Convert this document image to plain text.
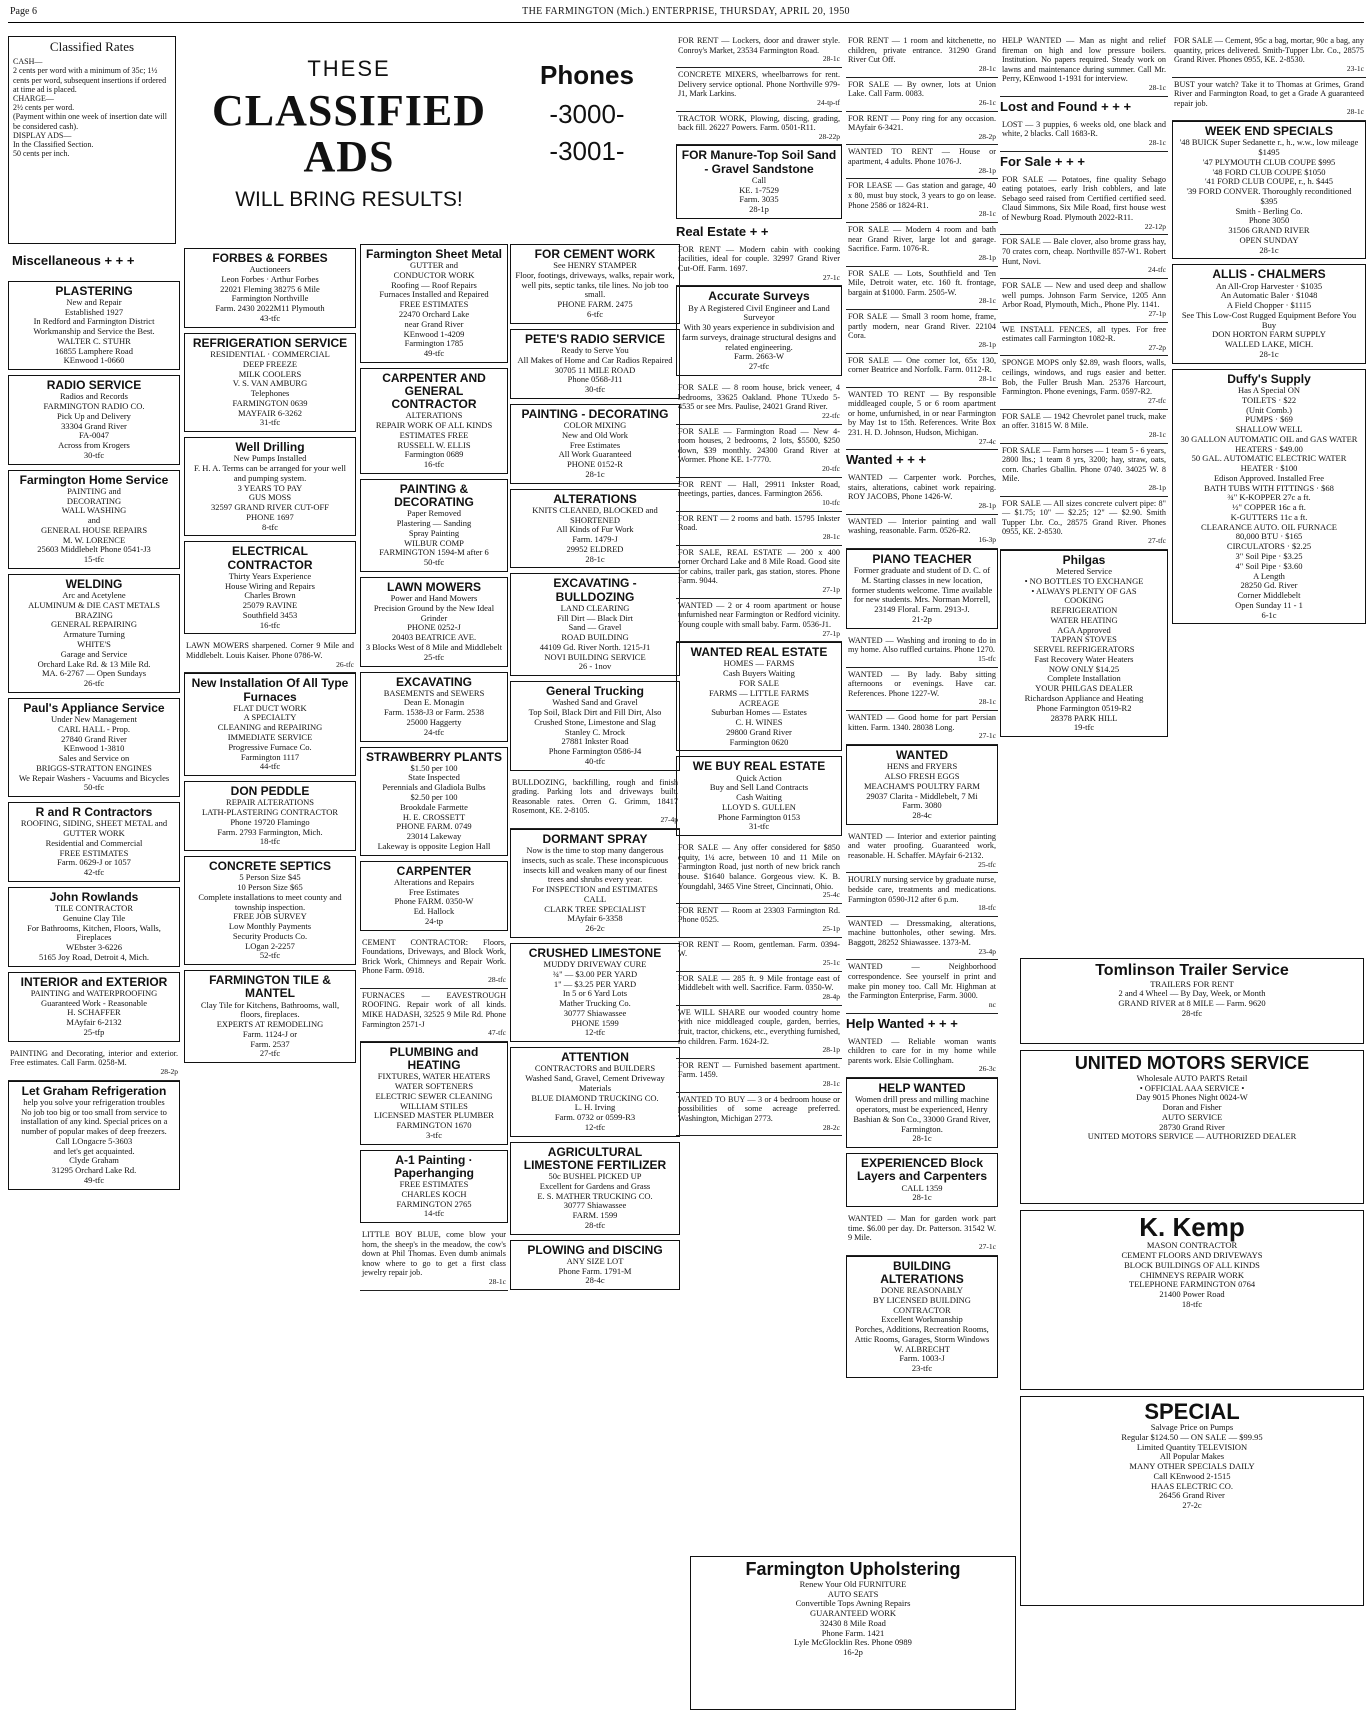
Page 6	THE FARMINGTON (Mich.) ENTERPRISE, THURSDAY, APRIL 20, 1950
Classified Rates
CASH—
2 cents per word with a minimum of 35c; 1½ cents per word, subsequent insertions if ordered at time ad is placed.
CHARGE—
2½ cents per word.
(Payment within one week of insertion date will be considered cash).
DISPLAY ADS—
In the Classified Section.
50 cents per inch.
THESE
CLASSIFIED ADS
WILL BRING RESULTS!
Phones
-3000-
-3001-
Miscellaneous + + +
PLASTERING
New and Repair
Established 1927
In Redford and Farmington District
Workmanship and Service the Best.
WALTER C. STUHR
16855 Lamphere Road
KEnwood 1-0660
RADIO SERVICE
Radios and Records
FARMINGTON RADIO CO.
Pick Up and Delivery
33304 Grand River
FA-0047
Across from Krogers
30-tfc
Farmington Home Service
PAINTING and
DECORATING
WALL WASHING
and
GENERAL HOUSE REPAIRS
M. W. LORENCE
25603 Middlebelt Phone 0541-J3
15-tfc
WELDING
Arc and Acetylene
ALUMINUM & DIE CAST METALS
BRAZING
GENERAL REPAIRING
Armature Turning
WHITE'S
Garage and Service
Orchard Lake Rd. & 13 Mile Rd.
MA. 6-2767 — Open Sundays
26-tfc
Paul's Appliance Service
Under New Management
CARL HALL - Prop.
27840 Grand River
KEnwood 1-3810
Sales and Service on
BRIGGS-STRATTON ENGINES
We Repair Washers - Vacuums and Bicycles
50-tfc
R and R Contractors
ROOFING, SIDING, SHEET METAL and GUTTER WORK
Residential and Commercial
FREE ESTIMATES
Farm. 0629-J or 1057
42-tfc
John Rowlands
TILE CONTRACTOR
Genuine Clay Tile
For Bathrooms, Kitchen, Floors, Walls, Fireplaces
WEbster 3-6226
5165 Joy Road, Detroit 4, Mich.
INTERIOR and EXTERIOR
PAINTING and WATERPROOFING
Guaranteed Work - Reasonable
H. SCHAFFER
MAyfair 6-2132
25-tfp
PAINTING and Decorating, interior and exterior. Free estimates. Call Farm. 0258-M.
28-2p
Let Graham Refrigeration
help you solve your refrigeration troubles
No job too big or too small from service to installation of any kind. Special prices on a number of popular makes of deep freezers.
Call LOngacre 5-3603
and let's get acquainted.
Clyde Graham
31295 Orchard Lake Rd.
49-tfc
FORBES & FORBES
Auctioneers
Leon Forbes · Arthur Forbes
22021 Fleming 38275 6 Mile
Farmington Northville
Farm. 2430 2022M11 Plymouth
43-tfc
REFRIGERATION SERVICE
RESIDENTIAL · COMMERCIAL
DEEP FREEZE
MILK COOLERS
V. S. VAN AMBURG
Telephones
FARMINGTON 0639
MAYFAIR 6-3262
31-tfc
Well Drilling
New Pumps Installed
F. H. A. Terms can be arranged for your well and pumping system.
3 YEARS TO PAY
GUS MOSS
32597 GRAND RIVER CUT-OFF
PHONE 1697
8-tfc
ELECTRICAL CONTRACTOR
Thirty Years Experience
House Wiring and Repairs
Charles Brown
25079 RAVINE
Southfield 3453
16-tfc
LAWN MOWERS sharpened. Corner 9 Mile and Middlebelt. Louis Kaiser. Phone 0786-W.
26-tfc
New Installation Of All Type Furnaces
FLAT DUCT WORK
A SPECIALTY
CLEANING and REPAIRING
IMMEDIATE SERVICE
Progressive Furnace Co.
Farmington 1117
44-tfc
DON PEDDLE
REPAIR ALTERATIONS
LATH-PLASTERING CONTRACTOR
Phone 19720 Flamingo
Farm. 2793 Farmington, Mich.
18-tfc
CONCRETE SEPTICS
5 Person Size $45
10 Person Size $65
Complete installations to meet county and township inspection.
FREE JOB SURVEY
Low Monthly Payments
Security Products Co.
LOgan 2-2257
52-tfc
FARMINGTON TILE & MANTEL
Clay Tile for Kitchens, Bathrooms, wall, floors, fireplaces.
EXPERTS AT REMODELING
Farm. 1124-J or
Farm. 2537
27-tfc
Farmington Sheet Metal
GUTTER and
CONDUCTOR WORK
Roofing — Roof Repairs
Furnaces Installed and Repaired
FREE ESTIMATES
22470 Orchard Lake
near Grand River
KEnwood 1-4209
Farmington 1785
49-tfc
CARPENTER AND GENERAL CONTRACTOR
ALTERATIONS
REPAIR WORK OF ALL KINDS
ESTIMATES FREE
RUSSELL W. ELLIS
Farmington 0689
16-tfc
PAINTING & DECORATING
Paper Removed
Plastering — Sanding
Spray Painting
WILBUR COMP
FARMINGTON 1594-M after 6
50-tfc
LAWN MOWERS
Power and Hand Mowers
Precision Ground by the New Ideal Grinder
PHONE 0252-J
20403 BEATRICE AVE.
3 Blocks West of 8 Mile and Middlebelt
25-tfc
EXCAVATING
BASEMENTS and SEWERS
Dean E. Monagin
Farm. 1538-J3 or Farm. 2538
25000 Haggerty
24-tfc
STRAWBERRY PLANTS
$1.50 per 100
State Inspected
Perennials and Gladiola Bulbs
$2.50 per 100
Brookdale Farmette
H. E. CROSSETT
PHONE FARM. 0749
23014 Lakeway
Lakeway is opposite Legion Hall
CARPENTER
Alterations and Repairs
Free Estimates
Phone FARM. 0350-W
Ed. Hallock
24-tp
CEMENT CONTRACTOR: Floors, Foundations, Driveways, and Block Work, Brick Work, Chimneys and Repair Work. Phone Farm. 0918.
28-tfc
FURNACES — EAVESTROUGH ROOFING. Repair work of all kinds. MIKE HADASH, 32525 9 Mile Rd. Phone Farmington 2571-J
47-tfc
PLUMBING and HEATING
FIXTURES, WATER HEATERS
WATER SOFTENERS
ELECTRIC SEWER CLEANING
WILLIAM STILES
LICENSED MASTER PLUMBER
FARMINGTON 1670
3-tfc
A-1 Painting · Paperhanging
FREE ESTIMATES
CHARLES KOCH
FARMINGTON 2765
14-tfc
LITTLE BOY BLUE, come blow your horn, the sheep's in the meadow, the cow's down at Phil Thomas. Even dumb animals know where to go to get a first class jewelry repair job.
28-1c
FOR CEMENT WORK
See HENRY STAMPER
Floor, footings, driveways, walks, repair work, well pits, septic tanks, tile lines. No job too small.
PHONE FARM. 2475
6-tfc
PETE'S RADIO SERVICE
Ready to Serve You
All Makes of Home and Car Radios Repaired
30705 11 MILE ROAD
Phone 0568-J11
30-tfc
PAINTING - DECORATING
COLOR MIXING
New and Old Work
Free Estimates
All Work Guaranteed
PHONE 0152-R
28-1c
ALTERATIONS
KNITS CLEANED, BLOCKED and SHORTENED
All Kinds of Fur Work
Farm. 1479-J
29952 ELDRED
28-1c
EXCAVATING - BULLDOZING
LAND CLEARING
Fill Dirt — Black Dirt
Sand — Gravel
ROAD BUILDING
44109 Gd. River North. 1215-J1
NOVI BUILDING SERVICE
26 - 1nov
General Trucking
Washed Sand and Gravel
Top Soil, Black Dirt and Fill Dirt, Also Crushed Stone, Limestone and Slag
Stanley C. Mrock
27881 Inkster Road
Phone Farmington 0586-J4
40-tfc
BULLDOZING, backfilling, rough and finish grading. Parking lots and driveways built. Reasonable rates. Orren G. Grimm, 18417 Rosemont, KE. 2-8105.
27-4p
DORMANT SPRAY
Now is the time to stop many dangerous insects, such as scale. These inconspicuous insects kill and weaken many of our finest trees and shrubs every year.
For INSPECTION and ESTIMATES
CALL
CLARK TREE SPECIALIST
MAyfair 6-3358
26-2c
CRUSHED LIMESTONE
MUDDY DRIVEWAY CURE
¾" — $3.00 PER YARD
1" — $3.25 PER YARD
In 5 or 6 Yard Lots
Mather Trucking Co.
30777 Shiawassee
PHONE 1599
12-tfc
ATTENTION
CONTRACTORS and BUILDERS
Washed Sand, Gravel, Cement Driveway Materials
BLUE DIAMOND TRUCKING CO.
L. H. Irving
Farm. 0732 or 0599-R3
12-tfc
AGRICULTURAL LIMESTONE FERTILIZER
50c BUSHEL PICKED UP
Excellent for Gardens and Grass
E. S. MATHER TRUCKING CO.
30777 Shiawassee
FARM. 1599
28-tfc
PLOWING and DISCING
ANY SIZE LOT
Phone Farm. 1791-M
28-4c
FOR RENT — Lockers, door and drawer style. Conroy's Market, 23534 Farmington Road.
28-1c
CONCRETE MIXERS, wheelbarrows for rent. Delivery service optional. Phone Northville 979-J1, Mark Larkins.
24-tp-tf
TRACTOR WORK, Plowing, discing, grading, back fill. 26227 Powers. Farm. 0501-R11.
28-22p
FOR Manure-Top Soil Sand - Gravel Sandstone
Call
KE. 1-7529
Farm. 3035
28-1p
Real Estate + +
FOR RENT — Modern cabin with cooking facilities, ideal for couple. 32997 Grand River Cut-Off. Farm. 1697.
27-1c
Accurate Surveys
By A Registered Civil Engineer and Land Surveyor
With 30 years experience in subdivision and farm surveys, drainage structural designs and related engineering.
Farm. 2663-W
27-tfc
FOR SALE — 8 room house, brick veneer, 4 bedrooms, 33625 Oakland. Phone TUxedo 5-4535 or see Mrs. Paulise, 24021 Grand River.
22-tfc
FOR SALE — Farmington Road — New 4-room houses, 2 bedrooms, 2 lots, $5500, $250 down, $39 monthly. 24300 Grand River at Wormer. Phone KE. 1-7770.
20-tfc
FOR RENT — Hall, 29911 Inkster Road, meetings, parties, dances. Farmington 2656.
10-tfc
FOR RENT — 2 rooms and bath. 15795 Inkster Road.
28-1c
FOR SALE, REAL ESTATE — 200 x 400 corner Orchard Lake and 8 Mile Road. Good site for cabins, trailer park, gas station, stores. Phone Farm. 9044.
27-1p
WANTED — 2 or 4 room apartment or house unfurnished near Farmington or Redford vicinity. Young couple with small baby. Farm. 0536-J1.
27-1p
WANTED REAL ESTATE
HOMES — FARMS
Cash Buyers Waiting
FOR SALE
FARMS — LITTLE FARMS
ACREAGE
Suburban Homes — Estates
C. H. WINES
29800 Grand River
Farmington 0620
WE BUY REAL ESTATE
Quick Action
Buy and Sell Land Contracts
Cash Waiting
LLOYD S. GULLEN
Phone Farmington 0153
31-tfc
FOR SALE — Any offer considered for $850 equity, 1¼ acre, between 10 and 11 Mile on Farmington Road, just north of new brick ranch house. $1640 balance. Gorgeous view. K. B. Youngdahl, 3465 Vine Street, Cincinnati, Ohio.
25-4c
FOR RENT — Room at 23303 Farmington Rd. Phone 0525.
25-1p
FOR RENT — Room, gentleman. Farm. 0394-W.
25-1c
FOR SALE — 285 ft. 9 Mile frontage east of Middlebelt with well. Sacrifice. Farm. 0350-W.
28-4p
WE WILL SHARE our wooded country home with nice middleaged couple, garden, berries, fruit, tractor, chickens, etc., everything furnished, no children. Farm. 1624-J2.
28-1p
FOR RENT — Furnished basement apartment. Farm. 1459.
28-1c
WANTED TO BUY — 3 or 4 bedroom house or possibilities of some acreage preferred. Washington, Michigan 2773.
28-2c
FOR RENT — 1 room and kitchenette, no children, private entrance. 31290 Grand River Cut Off.
28-1c
FOR SALE — By owner, lots at Union Lake. Call Farm. 0083.
26-1c
FOR RENT — Pony ring for any occasion. MAyfair 6-3421.
28-2p
WANTED TO RENT — House or apartment, 4 adults. Phone 1076-J.
28-1p
FOR LEASE — Gas station and garage, 40 x 80, must buy stock, 3 years to go on lease. Phone 2586 or 1824-R1.
28-1c
FOR SALE — Modern 4 room and bath near Grand River, large lot and garage. Sacrifice. Farm. 1076-R.
28-1p
FOR SALE — Lots, Southfield and Ten Mile, Detroit water, etc. 160 ft. frontage, bargain at $1000. Farm. 2505-W.
28-1c
FOR SALE — Small 3 room home, frame, partly modern, near Grand River. 22104 Cora.
28-1p
FOR SALE — One corner lot, 65x 130, corner Beatrice and Norfolk. Farm. 0112-R.
28-1c
WANTED TO RENT — By responsible middleaged couple, 5 or 6 room apartment or home, unfurnished, in or near Farmington by May 1st to 15th. References. Write Box 231. H. D. Johnson, Hudson, Michigan.
27-4c
Wanted + + +
WANTED — Carpenter work. Porches, stairs, alterations, cabinet work repairing. ROY JACOBS, Phone 1426-W.
28-1p
WANTED — Interior painting and wall washing, reasonable. Farm. 0526-R2.
16-3p
PIANO TEACHER
Former graduate and student of D. C. of M. Starting classes in new location, former students welcome. Time available for new students. Mrs. Norman Morrell, 23149 Floral. Farm. 2913-J.
21-2p
WANTED — Washing and ironing to do in my home. Also ruffled curtains. Phone 1270.
15-tfc
WANTED — By lady. Baby sitting afternoons or evenings. Have car. References. Phone 1227-W.
28-1c
WANTED — Good home for part Persian kitten. Farm. 1340. 28038 Long.
27-1c
WANTED
HENS and FRYERS
ALSO FRESH EGGS
MEACHAM'S POULTRY FARM
29037 Clarita - Middlebelt, 7 Mi
Farm. 3080
28-4c
WANTED — Interior and exterior painting and water proofing. Guaranteed work, reasonable. H. Schaffer. MAyfair 6-2132.
25-tfc
HOURLY nursing service by graduate nurse, bedside care, treatments and medications. Farmington 0590-J12 after 6 p.m.
18-tfc
WANTED — Dressmaking, alterations, machine buttonholes, other sewing. Mrs. Baggott, 28252 Shiawassee. 1373-M.
23-4p
WANTED — Neighborhood correspondence. See yourself in print and make pin money too. Call Mr. Highman at the Farmington Enterprise, Farm. 3000.
nc
Help Wanted + + +
WANTED — Reliable woman wants children to care for in my home while parents work. Elsie Collingham.
26-3c
HELP WANTED
Women drill press and milling machine operators, must be experienced, Henry Bashian & Son Co., 33000 Grand River, Farmington.
28-1c
EXPERIENCED Block Layers and Carpenters
CALL 1359
28-1c
WANTED — Man for garden work part time. $6.00 per day. Dr. Patterson. 31542 W. 9 Mile.
27-1c
BUILDING ALTERATIONS
DONE REASONABLY
BY LICENSED BUILDING CONTRACTOR
Excellent Workmanship
Porches, Additions, Recreation Rooms, Attic Rooms, Garages, Storm Windows
W. ALBRECHT
Farm. 1003-J
23-tfc
HELP WANTED — Man as night and relief fireman on high and low pressure boilers. Institution. No papers required. Steady work on lawns and maintenance during summer. Call Mr. Perry, KEnwood 1-1931 for interview.
28-1c
Lost and Found + + +
LOST — 3 puppies, 6 weeks old, one black and white, 2 blacks. Call 1683-R.
28-1c
For Sale + + +
FOR SALE — Potatoes, fine quality Sebago eating potatoes, early Irish cobblers, and late Sebago seed raised from Certified certified seed. Claud Simmons, Six Mile Road, first house west of Newburg Road. Plymouth 2022-R11.
22-12p
FOR SALE — Bale clover, also brome grass hay, 70 crates corn, cheap. Northville 857-W1. Robert Hunt, Novi.
24-tfc
FOR SALE — New and used deep and shallow well pumps. Johnson Farm Service, 1205 Ann Arbor Road, Plymouth, Mich., Phone Ply. 1141.
27-1p
WE INSTALL FENCES, all types. For free estimates call Farmington 1082-R.
27-2p
SPONGE MOPS only $2.89, wash floors, walls, ceilings, windows, and rugs easier and better. Bob, the Fuller Brush Man. 25376 Harcourt, Farmington. Phone evenings, Farm. 0597-R2.
27-tfc
FOR SALE — 1942 Chevrolet panel truck, make an offer. 31815 W. 8 Mile.
28-1c
FOR SALE — Farm horses — 1 team 5 - 6 years, 2800 lbs.; 1 team 8 yrs, 3200; hay, straw, oats, corn. Charles Gballin. Phone 0740. 34025 W. 8 Mile.
28-1p
FOR SALE — All sizes concrete culvert pipe: 8" — $1.75; 10" — $2.25; 12" — $2.90. Smith Tupper Lbr. Co., 28575 Grand River. Phones 0955, KE. 2-8530.
27-tfc
Philgas
Metered Service
• NO BOTTLES TO EXCHANGE
• ALWAYS PLENTY OF GAS
COOKING
REFRIGERATION
WATER HEATING
AGA Approved
TAPPAN STOVES
SERVEL REFRIGERATORS
Fast Recovery Water Heaters
NOW ONLY $14.25
Complete Installation
YOUR PHILGAS DEALER
Richardson Appliance and Heating
Phone Farmington 0519-R2
28378 PARK HILL
19-tfc
FOR SALE — Cement, 95c a bag, mortar, 90c a bag, any quantity, prices delivered. Smith-Tupper Lbr. Co., 28575 Grand River. Phones 0955, KE. 2-8530.
23-1c
BUST your watch? Take it to Thomas at Grimes, Grand River and Farmington Road, to get a Grade A guaranteed repair job.
28-1c
WEEK END SPECIALS
'48 BUICK Super Sedanette r., h., w.w., low mileage $1495
'47 PLYMOUTH CLUB COUPE $995
'48 FORD CLUB COUPE $1050
'41 FORD CLUB COUPE, r., h. $445
'39 FORD CONVER. Thoroughly reconditioned $395
Smith - Berling Co.
Phone 3050
31506 GRAND RIVER
OPEN SUNDAY
28-1c
ALLIS - CHALMERS
An All-Crop Harvester · $1035
An Automatic Baler · $1048
A Field Chopper · $1115
See This Low-Cost Rugged Equipment Before You Buy
DON HORTON FARM SUPPLY
WALLED LAKE, MICH.
28-1c
Duffy's Supply
Has A Special ON
TOILETS · $22
(Unit Comb.)
PUMPS · $69
SHALLOW WELL
30 GALLON AUTOMATIC OIL and GAS WATER HEATERS · $49.00
50 GAL. AUTOMATIC ELECTRIC WATER HEATER · $100
Edison Approved. Installed Free
BATH TUBS WITH FITTINGS · $68
¾" K-KOPPER 27c a ft.
½" COPPER 16c a ft.
K-GUTTERS 11c a ft.
CLEARANCE AUTO. OIL FURNACE
80,000 BTU · $165
CIRCULATORS · $2.25
3" Soil Pipe · $3.25
4" Soil Pipe · $3.60
A Length
28250 Gd. River
Corner Middlebelt
Open Sunday 11 - 1
6-1c
Tomlinson Trailer Service
TRAILERS FOR RENT
2 and 4 Wheel — By Day, Week, or Month
GRAND RIVER at 8 MILE — Farm. 9620
28-tfc
UNITED MOTORS SERVICE
Wholesale AUTO PARTS Retail
• OFFICIAL AAA SERVICE •
Day 9015 Phones Night 0024-W
Doran and Fisher
AUTO SERVICE
28730 Grand River
UNITED MOTORS SERVICE — AUTHORIZED DEALER
K. Kemp
MASON CONTRACTOR
CEMENT FLOORS AND DRIVEWAYS
BLOCK BUILDINGS OF ALL KINDS
CHIMNEYS REPAIR WORK
TELEPHONE FARMINGTON 0764
21400 Power Road
18-tfc
SPECIAL
Salvage Price on Pumps
Regular $124.50 — ON SALE — $99.95
Limited Quantity TELEVISION
All Popular Makes
MANY OTHER SPECIALS DAILY
Call KEnwood 2-1515
HAAS ELECTRIC CO.
26456 Grand River
27-2c
Farmington Upholstering
Renew Your Old FURNITURE
AUTO SEATS
Convertible Tops Awning Repairs
GUARANTEED WORK
32430 8 Mile Road
Phone Farm. 1421
Lyle McGlocklin Res. Phone 0989
16-2p
